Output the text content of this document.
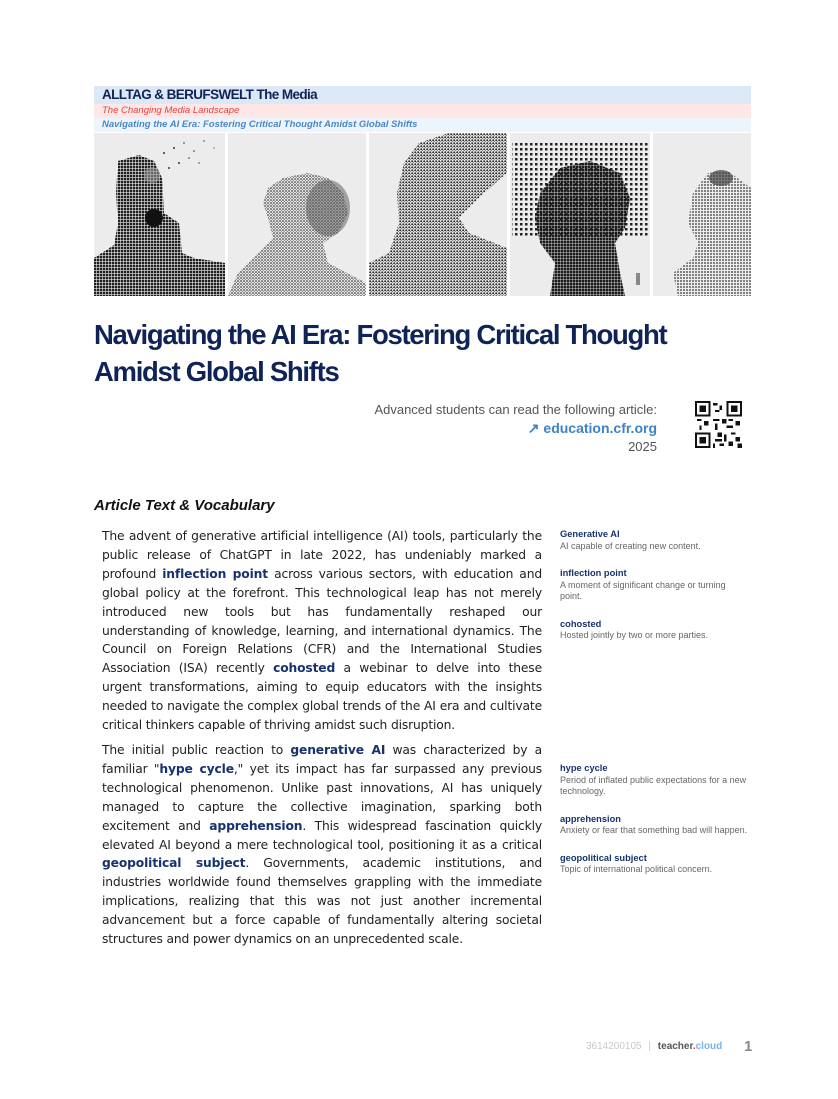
ALLTAG & BERUFSWELT The Media
The Changing Media Landscape
Navigating the AI Era: Fostering Critical Thought Amidst Global Shifts
Navigating the AI Era: Fostering Critical Thought Amidst Global Shifts
Advanced students can read the following article:
↗ education.cfr.org
2025
Article Text & Vocabulary

The advent of generative artificial intelligence (AI) tools, particularly the public release of ChatGPT in late 2022, has undeniably marked a profound inflection point across various sectors, with education and global policy at the forefront. This technological leap has not merely introduced new tools but has fundamentally reshaped our understanding of knowledge, learning, and international dynamics. The Council on Foreign Relations (CFR) and the International Studies Association (ISA) recently cohosted a webinar to delve into these urgent transformations, aiming to equip educators with the insights needed to navigate the complex global trends of the AI era and cultivate critical thinkers capable of thriving amidst such disruption.

The initial public reaction to generative AI was characterized by a familiar "hype cycle," yet its impact has far surpassed any previous technological phenomenon. Unlike past innovations, AI has uniquely managed to capture the collective imagination, sparking both excitement and apprehension. This widespread fascination quickly elevated AI beyond a mere technological tool, positioning it as a critical geopolitical subject. Governments, academic institutions, and industries worldwide found themselves grappling with the immediate implications, realizing that this was not just another incremental advancement but a force capable of fundamentally altering societal structures and power dynamics on an unprecedented scale.

Generative AI
AI capable of creating new content.
inflection point
A moment of significant change or turning point.
cohosted
Hosted jointly by two or more parties.
hype cycle
Period of inflated public expectations for a new technology.
apprehension
Anxiety or fear that something bad will happen.
geopolitical subject
Topic of international political concern.
3614200105 | teacher.cloud 1
